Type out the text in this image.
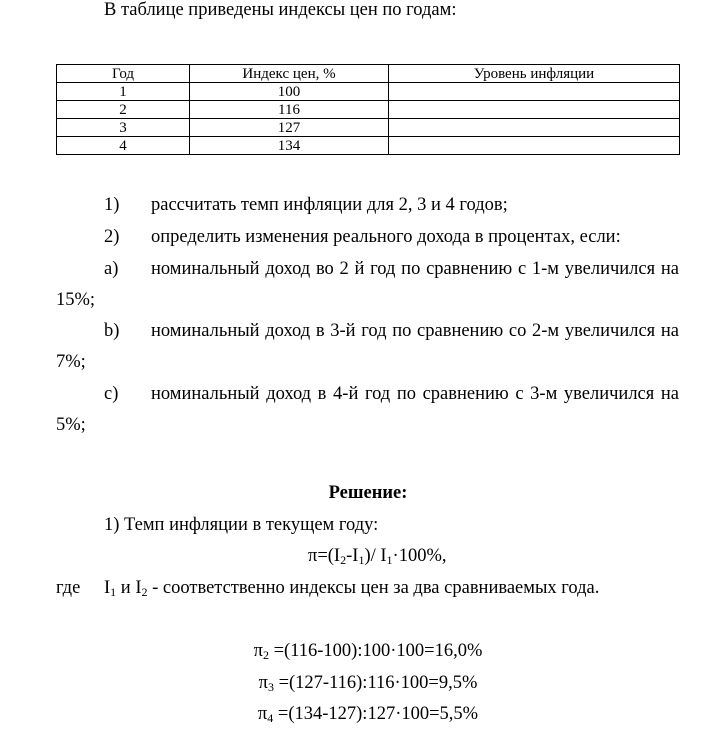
В таблице приведены индексы цен по годам:
Год	Индекс цен, %	Уровень инфляции
1	100	
2	116	
3	127	
4	134	
1) рассчитать темп инфляции для 2, 3 и 4 годов;
2) определить изменения реального дохода в процентах, если:
a) номинальный доход во 2 й год по сравнению с 1-м увеличился на
15%;
b) номинальный доход в 3-й год по сравнению со 2-м увеличился на
7%;
c) номинальный доход в 4-й год по сравнению с 3-м увеличился на
5%;
Решение:
1) Темп инфляции в текущем году:
$\pi=(I_2-I_1)/$ $I_1\cdot 100\%$,
где $I_1$ и $I_2$ - соответственно индексы цен за два сравниваемых года.
$\pi_2$ =(116-100):100·100=16,0%
$\pi_3$ =(127-116):116·100=9,5%
$\pi_4$ =(134-127):127·100=5,5%
